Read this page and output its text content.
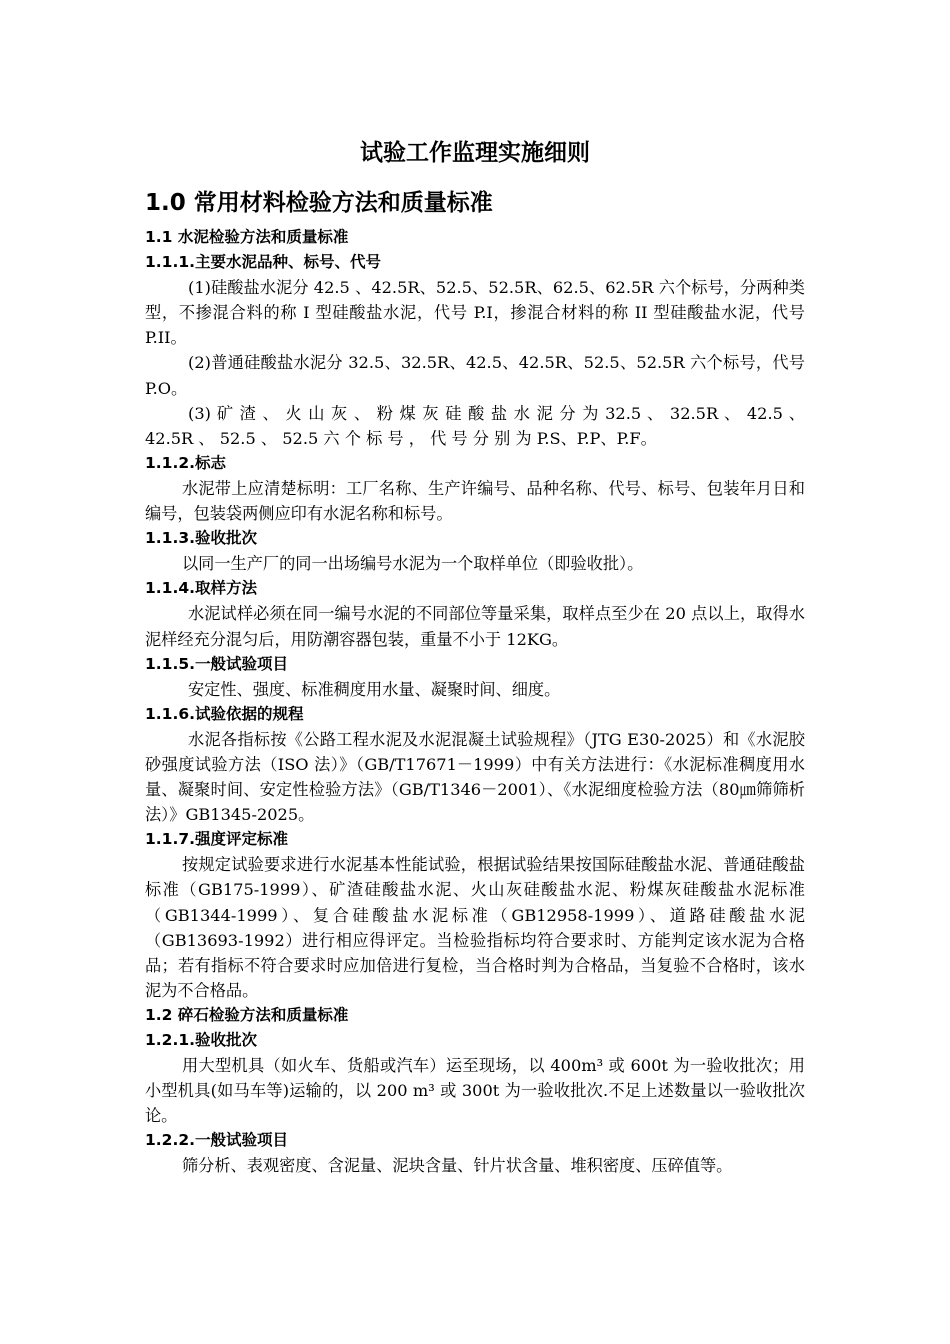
试验工作监理实施细则
1.0 常用材料检验方法和质量标准
1.1 水泥检验方法和质量标准
1.1.1.主要水泥品种、标号、代号
(1)硅酸盐水泥分 42.5 、42.5R、52.5、52.5R、62.5、62.5R 六个标号，分两种类型，不掺混合料的称 I 型硅酸盐水泥，代号 P.I，掺混合材料的称 II 型硅酸盐水泥，代号 P.II。
(2)普通硅酸盐水泥分 32.5、32.5R、42.5、42.5R、52.5、52.5R 六个标号，代号 P.O。
(3) 矿 渣 、 火 山 灰 、 粉 煤 灰 硅 酸 盐 水 泥 分 为 32.5 、 32.5R 、 42.5 、 42.5R 、 52.5 、 52.5 六 个 标 号 ， 代 号 分 别 为 P.S、P.P、P.F。
1.1.2.标志
水泥带上应清楚标明：工厂名称、生产许编号、品种名称、代号、标号、包装年月日和编号，包装袋两侧应印有水泥名称和标号。
1.1.3.验收批次
以同一生产厂的同一出场编号水泥为一个取样单位（即验收批）。
1.1.4.取样方法
水泥试样必须在同一编号水泥的不同部位等量采集，取样点至少在 20 点以上，取得水泥样经充分混匀后，用防潮容器包装，重量不小于 12KG。
1.1.5.一般试验项目
安定性、强度、标准稠度用水量、凝聚时间、细度。
1.1.6.试验依据的规程
水泥各指标按《公路工程水泥及水泥混凝土试验规程》（JTG E30-2025）和《水泥胶砂强度试验方法（ISO 法）》（GB/T17671－1999）中有关方法进行：《水泥标准稠度用水量、凝聚时间、安定性检验方法》（GB/T1346－2001）、《水泥细度检验方法（80㎛筛筛析法）》GB1345-2025。
1.1.7.强度评定标准
按规定试验要求进行水泥基本性能试验，根据试验结果按国际硅酸盐水泥、普通硅酸盐标准（GB175-1999）、矿渣硅酸盐水泥、火山灰硅酸盐水泥、粉煤灰硅酸盐水泥标准（GB1344-1999）、复合硅酸盐水泥标准（GB12958-1999）、道路硅酸盐水泥（GB13693-1992）进行相应得评定。当检验指标均符合要求时、方能判定该水泥为合格品；若有指标不符合要求时应加倍进行复检，当合格时判为合格品，当复验不合格时，该水泥为不合格品。
1.2 碎石检验方法和质量标准
1.2.1.验收批次
用大型机具（如火车、货船或汽车）运至现场，以 400m³ 或 600t 为一验收批次；用小型机具(如马车等)运输的，以 200 m³ 或 300t 为一验收批次.不足上述数量以一验收批次论。
1.2.2.一般试验项目
筛分析、表观密度、含泥量、泥块含量、针片状含量、堆积密度、压碎值等。
